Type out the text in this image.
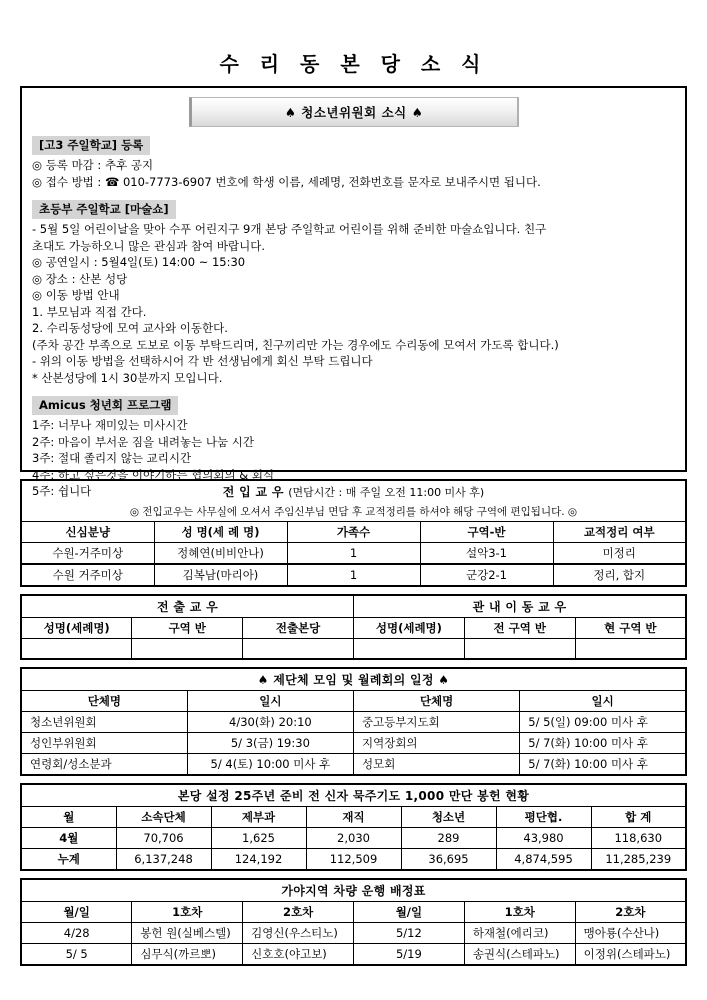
수 리 동 본 당 소 식
♠ 청소년위원회 소식 ♠
[고3 주일학교] 등록
◎ 등록 마감 : 추후 공지
◎ 접수 방법 : ☎ 010-7773-6907 번호에 학생 이름, 세례명, 전화번호를 문자로 보내주시면 됩니다.
초등부 주일학교 [마술쇼]
- 5월 5일 어린이날을 맞아 수푸 어린지구 9개 본당 주일학교 어린이를 위해 준비한 마술쇼입니다. 친구
초대도 가능하오니 많은 관심과 참여 바랍니다.
◎ 공연일시 : 5월4일(토) 14:00 ~ 15:30
◎ 장소 : 산본 성당
◎ 이동 방법 안내
1. 부모님과 직접 간다.
2. 수리동성당에 모여 교사와 이동한다.
(주차 공간 부족으로 도보로 이동 부탁드리며, 친구끼리만 가는 경우에도 수리동에 모여서 가도록 합니다.)
- 위의 이동 방법을 선택하시어 각 반 선생님에게 회신 부탁 드립니다
* 산본성당에 1시 30분까지 모입니다.
Amicus 청년회 프로그램
1주: 너무나 재미있는 미사시간
2주: 마음이 부서운 짐을 내려놓는 나눔 시간
3주: 절대 졸리지 않는 교리시간
4주: 하고 싶은것을 이야기하는 협의회의 & 회식
5주: 쉽니다	전 입 교 우 (면담시간 : 매 주일 오전 11:00 미사 후)				
◎ 전입교우는 사무실에 오셔서 주임신부님 면담 후 교적정리를 하셔야 해당 구역에 편입됩니다. ◎				
신심분냥	성 명(세 례 명)	가족수	구역-반	교적정리 여부
수원-거주미상	정혜연(비비안나)	1	설악3-1	미정리
수원 거주미상	김복남(마리아)	1	군강2-1	정리, 합지
전 출 교 우			관 내 이 동 교 우		
성명(세례명)	구역 반	전출본당	성명(세례명)	전 구역 반	현 구역 반

♠ 제단체 모임 및 월례회의 일정 ♠			
단체명	일시	단체명	일시
청소년위원회	4/30(화) 20:10	중고등부지도회	5/ 5(일) 09:00 미사 후
성인부위원회	5/ 3(금) 19:30	지역장회의	5/ 7(화) 10:00 미사 후
연령회/성소분과	5/ 4(토) 10:00 미사 후	성모회	5/ 7(화) 10:00 미사 후
본당 설정 25주년 준비 전 신자 묵주기도 1,000 만단 봉헌 현황						
월	소속단체	제부과	재직	청소년	평단협.	합 계
4월	70,706	1,625	2,030	289	43,980	118,630
누계	6,137,248	124,192	112,509	36,695	4,874,595	11,285,239
가야지역 차량 운행 배정표					
월/일	1호차	2호차	월/일	1호차	2호차
4/28	봉헌 원(실베스텔)	김영신(우스티노)	5/12	하재철(에리코)	맹아룡(수산나)
5/ 5	심무식(까르뽀)	신호호(야고보)	5/19	송권식(스테파노)	이정위(스테파노)
